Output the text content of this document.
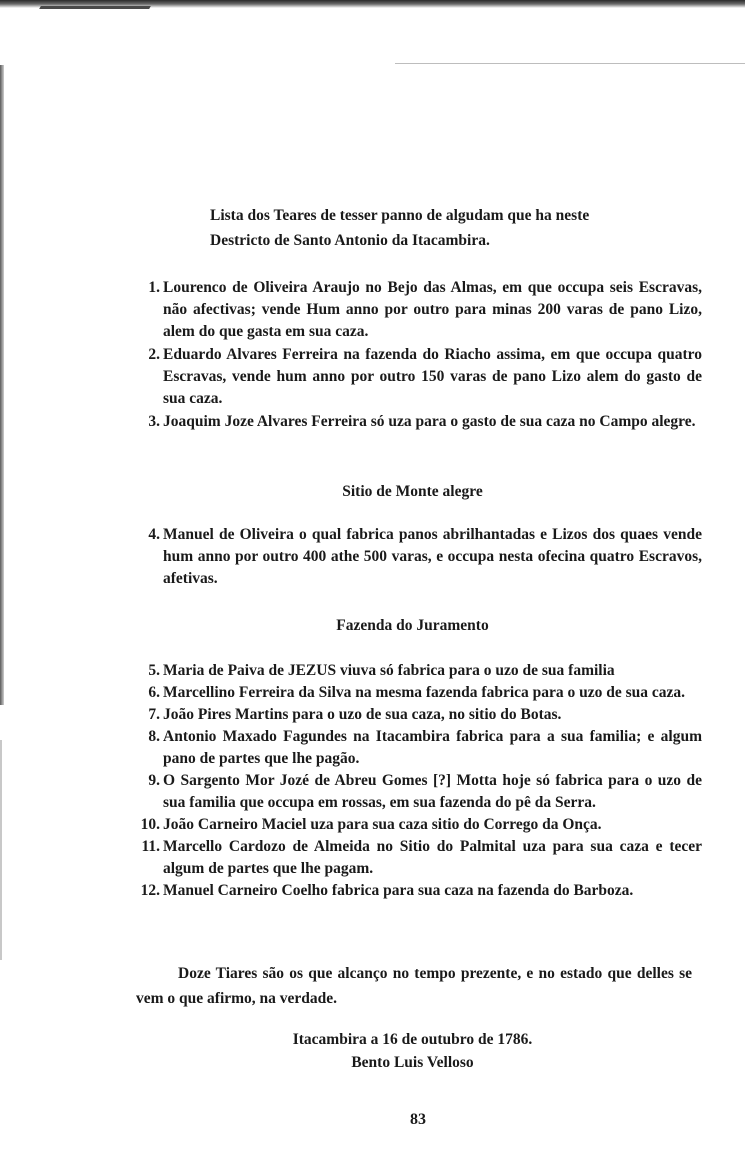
Lista dos Teares de tesser panno de algudam que ha neste Destricto de Santo Antonio da Itacambira.

1. Lourenco de Oliveira Araujo no Bejo das Almas, em que occupa seis Escravas, não afectivas; vende Hum anno por outro para minas 200 varas de pano Lizo, alem do que gasta em sua caza.
2. Eduardo Alvares Ferreira na fazenda do Riacho assima, em que occupa quatro Escravas, vende hum anno por outro 150 varas de pano Lizo alem do gasto de sua caza.
3. Joaquim Joze Alvares Ferreira só uza para o gasto de sua caza no Campo alegre.

Sitio de Monte alegre

4. Manuel de Oliveira o qual fabrica panos abrilhantadas e Lizos dos quaes vende hum anno por outro 400 athe 500 varas, e occupa nesta ofecina quatro Escravos, afetivas.

Fazenda do Juramento

5. Maria de Paiva de JEZUS viuva só fabrica para o uzo de sua familia
6. Marcellino Ferreira da Silva na mesma fazenda fabrica para o uzo de sua caza.
7. João Pires Martins para o uzo de sua caza, no sitio do Botas.
8. Antonio Maxado Fagundes na Itacambira fabrica para a sua familia; e algum pano de partes que lhe pagão.
9. O Sargento Mor Jozé de Abreu Gomes [?] Motta hoje só fabrica para o uzo de sua familia que occupa em rossas, em sua fazenda do pê da Serra.
10. João Carneiro Maciel uza para sua caza sitio do Corrego da Onça.
11. Marcello Cardozo de Almeida no Sitio do Palmital uza para sua caza e tecer algum de partes que lhe pagam.
12. Manuel Carneiro Coelho fabrica para sua caza na fazenda do Barboza.

Doze Tiares são os que alcanço no tempo prezente, e no estado que delles se vem o que afirmo, na verdade.

Itacambira a 16 de outubro de 1786.

Bento Luis Velloso

83
